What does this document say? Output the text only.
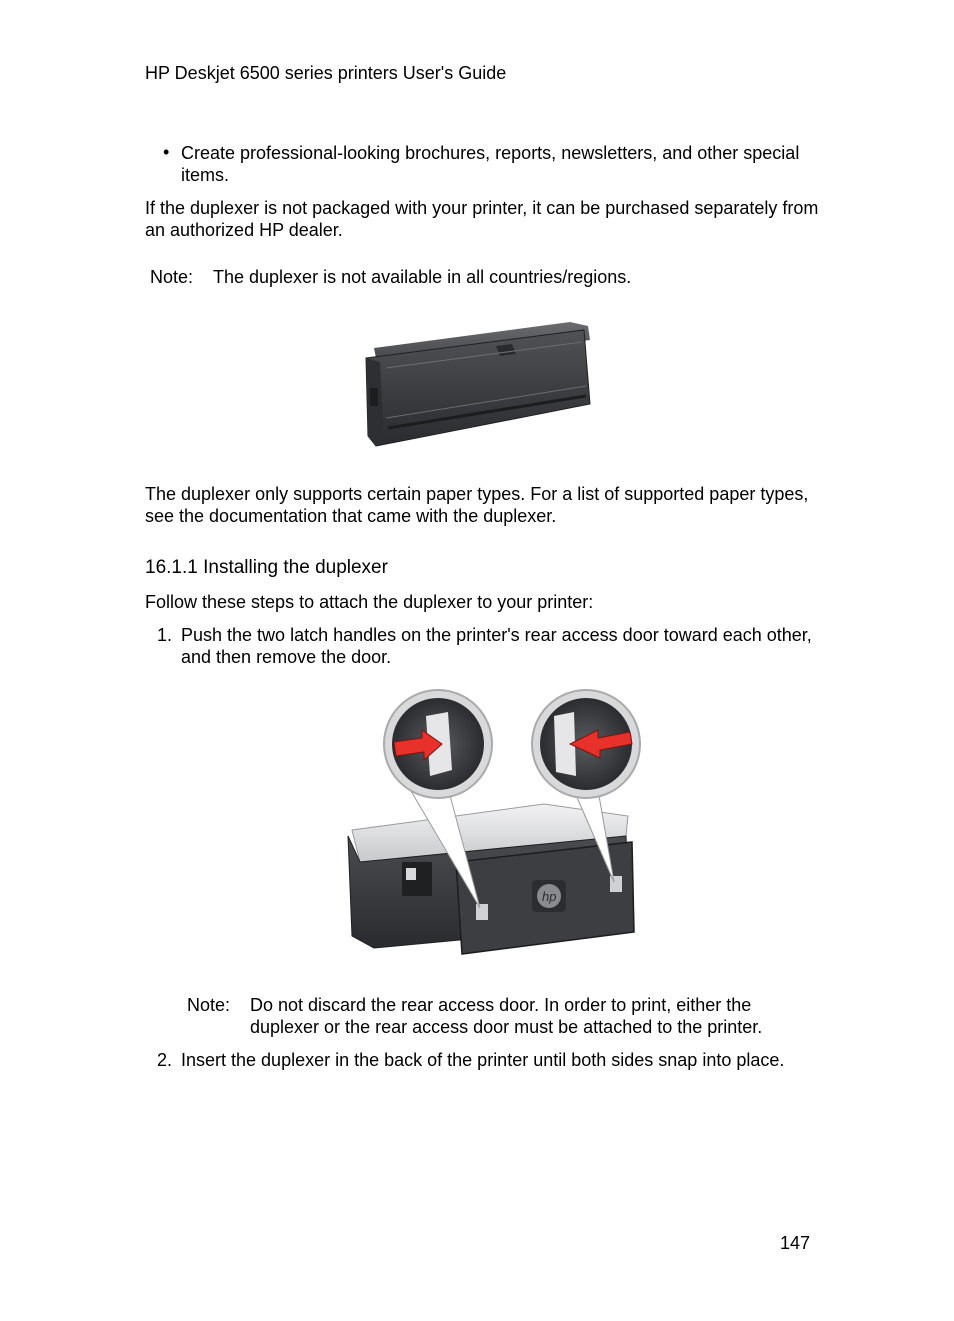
HP Deskjet 6500 series printers User's Guide
• Create professional-looking brochures, reports, newsletters, and other special items.
If the duplexer is not packaged with your printer, it can be purchased separately from an authorized HP dealer.
Note: The duplexer is not available in all countries/regions.
The duplexer only supports certain paper types. For a list of supported paper types, see the documentation that came with the duplexer.
16.1.1 Installing the duplexer
Follow these steps to attach the duplexer to your printer:
1. Push the two latch handles on the printer's rear access door toward each other, and then remove the door.
hp
Note: Do not discard the rear access door. In order to print, either the duplexer or the rear access door must be attached to the printer.
2. Insert the duplexer in the back of the printer until both sides snap into place.
147
